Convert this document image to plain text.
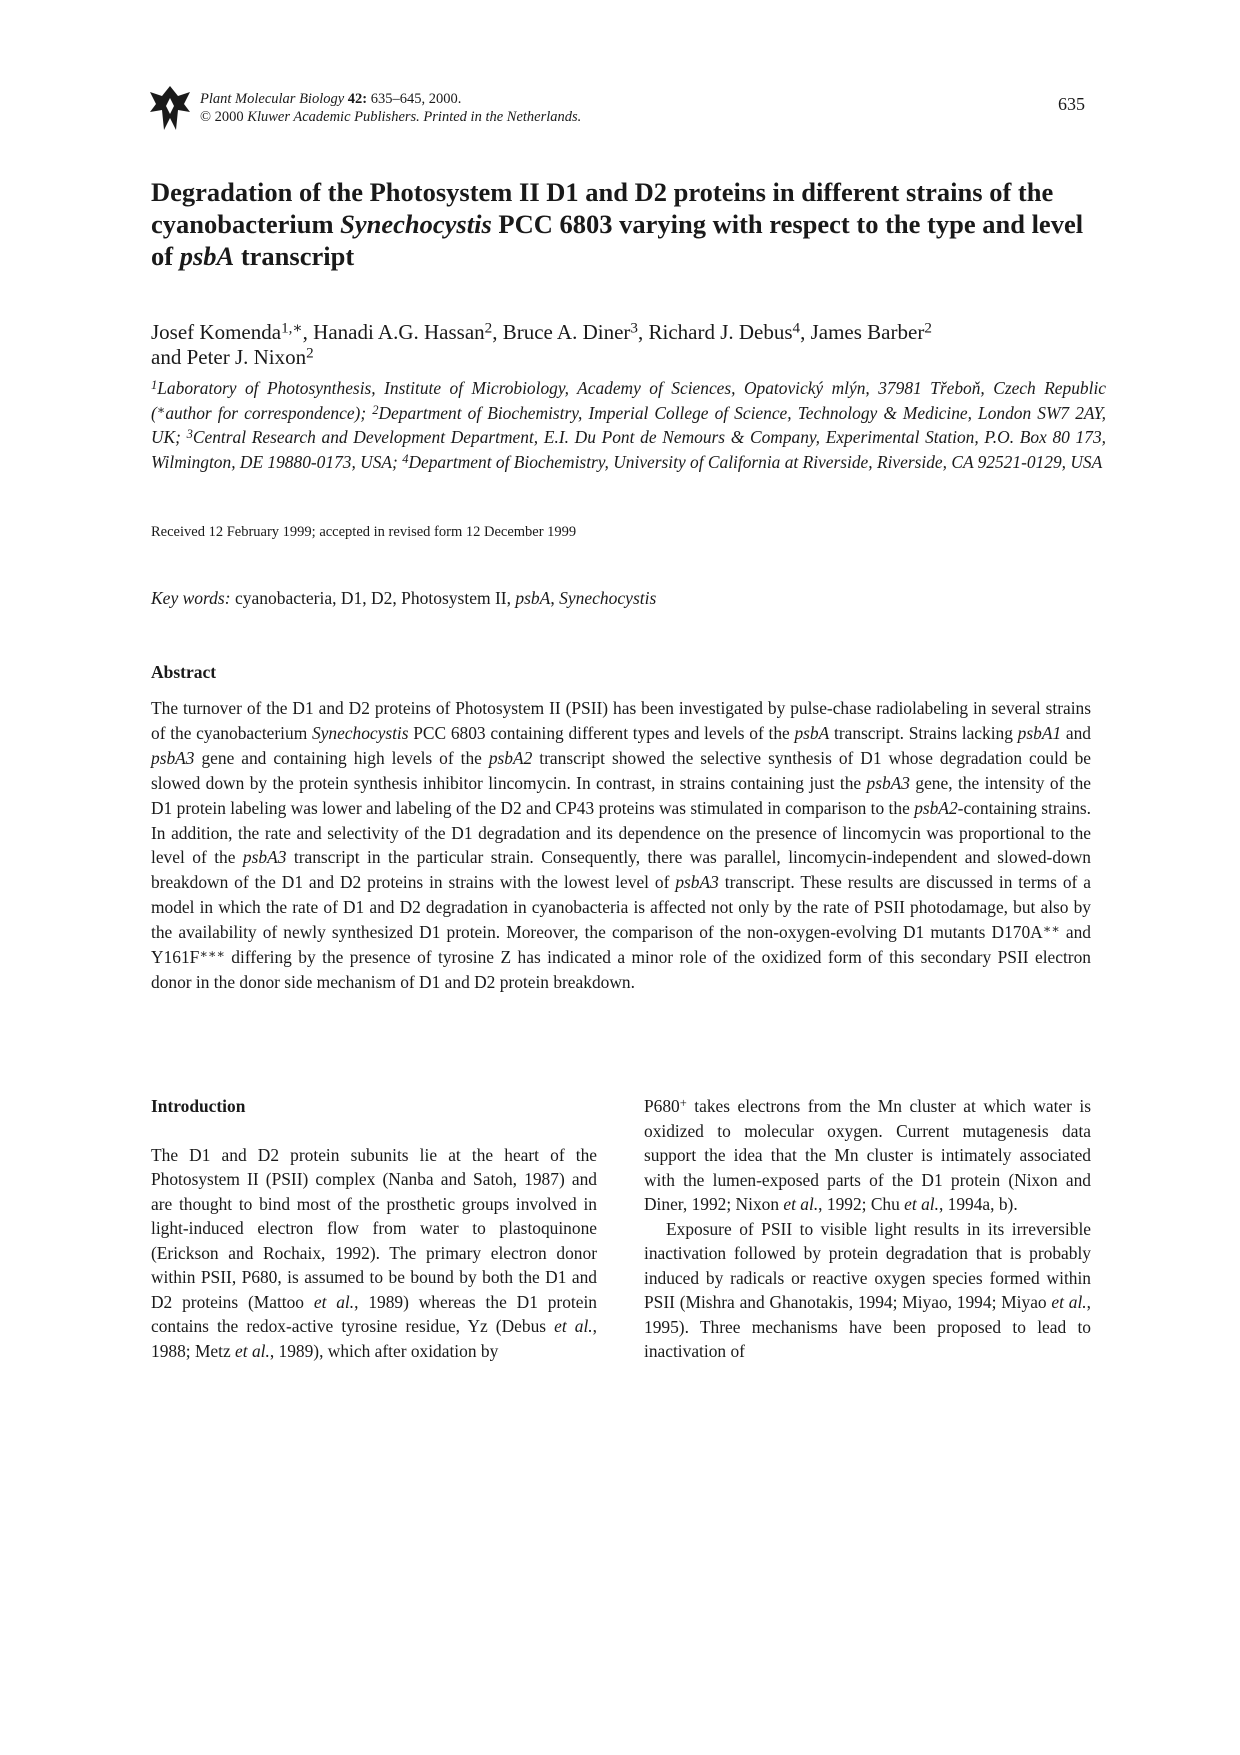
Plant Molecular Biology 42: 635–645, 2000.
© 2000 Kluwer Academic Publishers. Printed in the Netherlands.
635
Degradation of the Photosystem II D1 and D2 proteins in different strains of the cyanobacterium Synechocystis PCC 6803 varying with respect to the type and level of psbA transcript
Josef Komenda$^{1,∗}$, Hanadi A.G. Hassan$^2$, Bruce A. Diner$^3$, Richard J. Debus$^4$, James Barber$^2$
and Peter J. Nixon$^2$
$^1$Laboratory of Photosynthesis, Institute of Microbiology, Academy of Sciences, Opatovický mlýn, 37981 Třeboň, Czech Republic (∗author for correspondence); $^2$Department of Biochemistry, Imperial College of Science, Technology & Medicine, London SW7 2AY, UK; $^3$Central Research and Development Department, E.I. Du Pont de Nemours & Company, Experimental Station, P.O. Box 80 173, Wilmington, DE 19880-0173, USA; $^4$Department of Biochemistry, University of California at Riverside, Riverside, CA 92521-0129, USA
Received 12 February 1999; accepted in revised form 12 December 1999
Key words: cyanobacteria, D1, D2, Photosystem II, psbA, Synechocystis
Abstract
The turnover of the D1 and D2 proteins of Photosystem II (PSII) has been investigated by pulse-chase radiolabeling in several strains of the cyanobacterium Synechocystis PCC 6803 containing different types and levels of the psbA transcript. Strains lacking psbA1 and psbA3 gene and containing high levels of the psbA2 transcript showed the selective synthesis of D1 whose degradation could be slowed down by the protein synthesis inhibitor lincomycin. In contrast, in strains containing just the psbA3 gene, the intensity of the D1 protein labeling was lower and labeling of the D2 and CP43 proteins was stimulated in comparison to the psbA2-containing strains. In addition, the rate and selectivity of the D1 degradation and its dependence on the presence of lincomycin was proportional to the level of the psbA3 transcript in the particular strain. Consequently, there was parallel, lincomycin-independent and slowed-down breakdown of the D1 and D2 proteins in strains with the lowest level of psbA3 transcript. These results are discussed in terms of a model in which the rate of D1 and D2 degradation in cyanobacteria is affected not only by the rate of PSII photodamage, but also by the availability of newly synthesized D1 protein. Moreover, the comparison of the non-oxygen-evolving D1 mutants D170A∗∗ and Y161F∗∗∗ differing by the presence of tyrosine Z has indicated a minor role of the oxidized form of this secondary PSII electron donor in the donor side mechanism of D1 and D2 protein breakdown.
Introduction

The D1 and D2 protein subunits lie at the heart of the Photosystem II (PSII) complex (Nanba and Satoh, 1987) and are thought to bind most of the prosthetic groups involved in light-induced electron flow from water to plastoquinone (Erickson and Rochaix, 1992). The primary electron donor within PSII, P680, is assumed to be bound by both the D1 and D2 proteins (Mattoo et al., 1989) whereas the D1 protein contains the redox-active tyrosine residue, Yz (Debus et al., 1988; Metz et al., 1989), which after oxidation by

P680+ takes electrons from the Mn cluster at which water is oxidized to molecular oxygen. Current mutagenesis data support the idea that the Mn cluster is intimately associated with the lumen-exposed parts of the D1 protein (Nixon and Diner, 1992; Nixon et al., 1992; Chu et al., 1994a, b).

Exposure of PSII to visible light results in its irreversible inactivation followed by protein degradation that is probably induced by radicals or reactive oxygen species formed within PSII (Mishra and Ghanotakis, 1994; Miyao, 1994; Miyao et al., 1995). Three mechanisms have been proposed to lead to inactivation of
